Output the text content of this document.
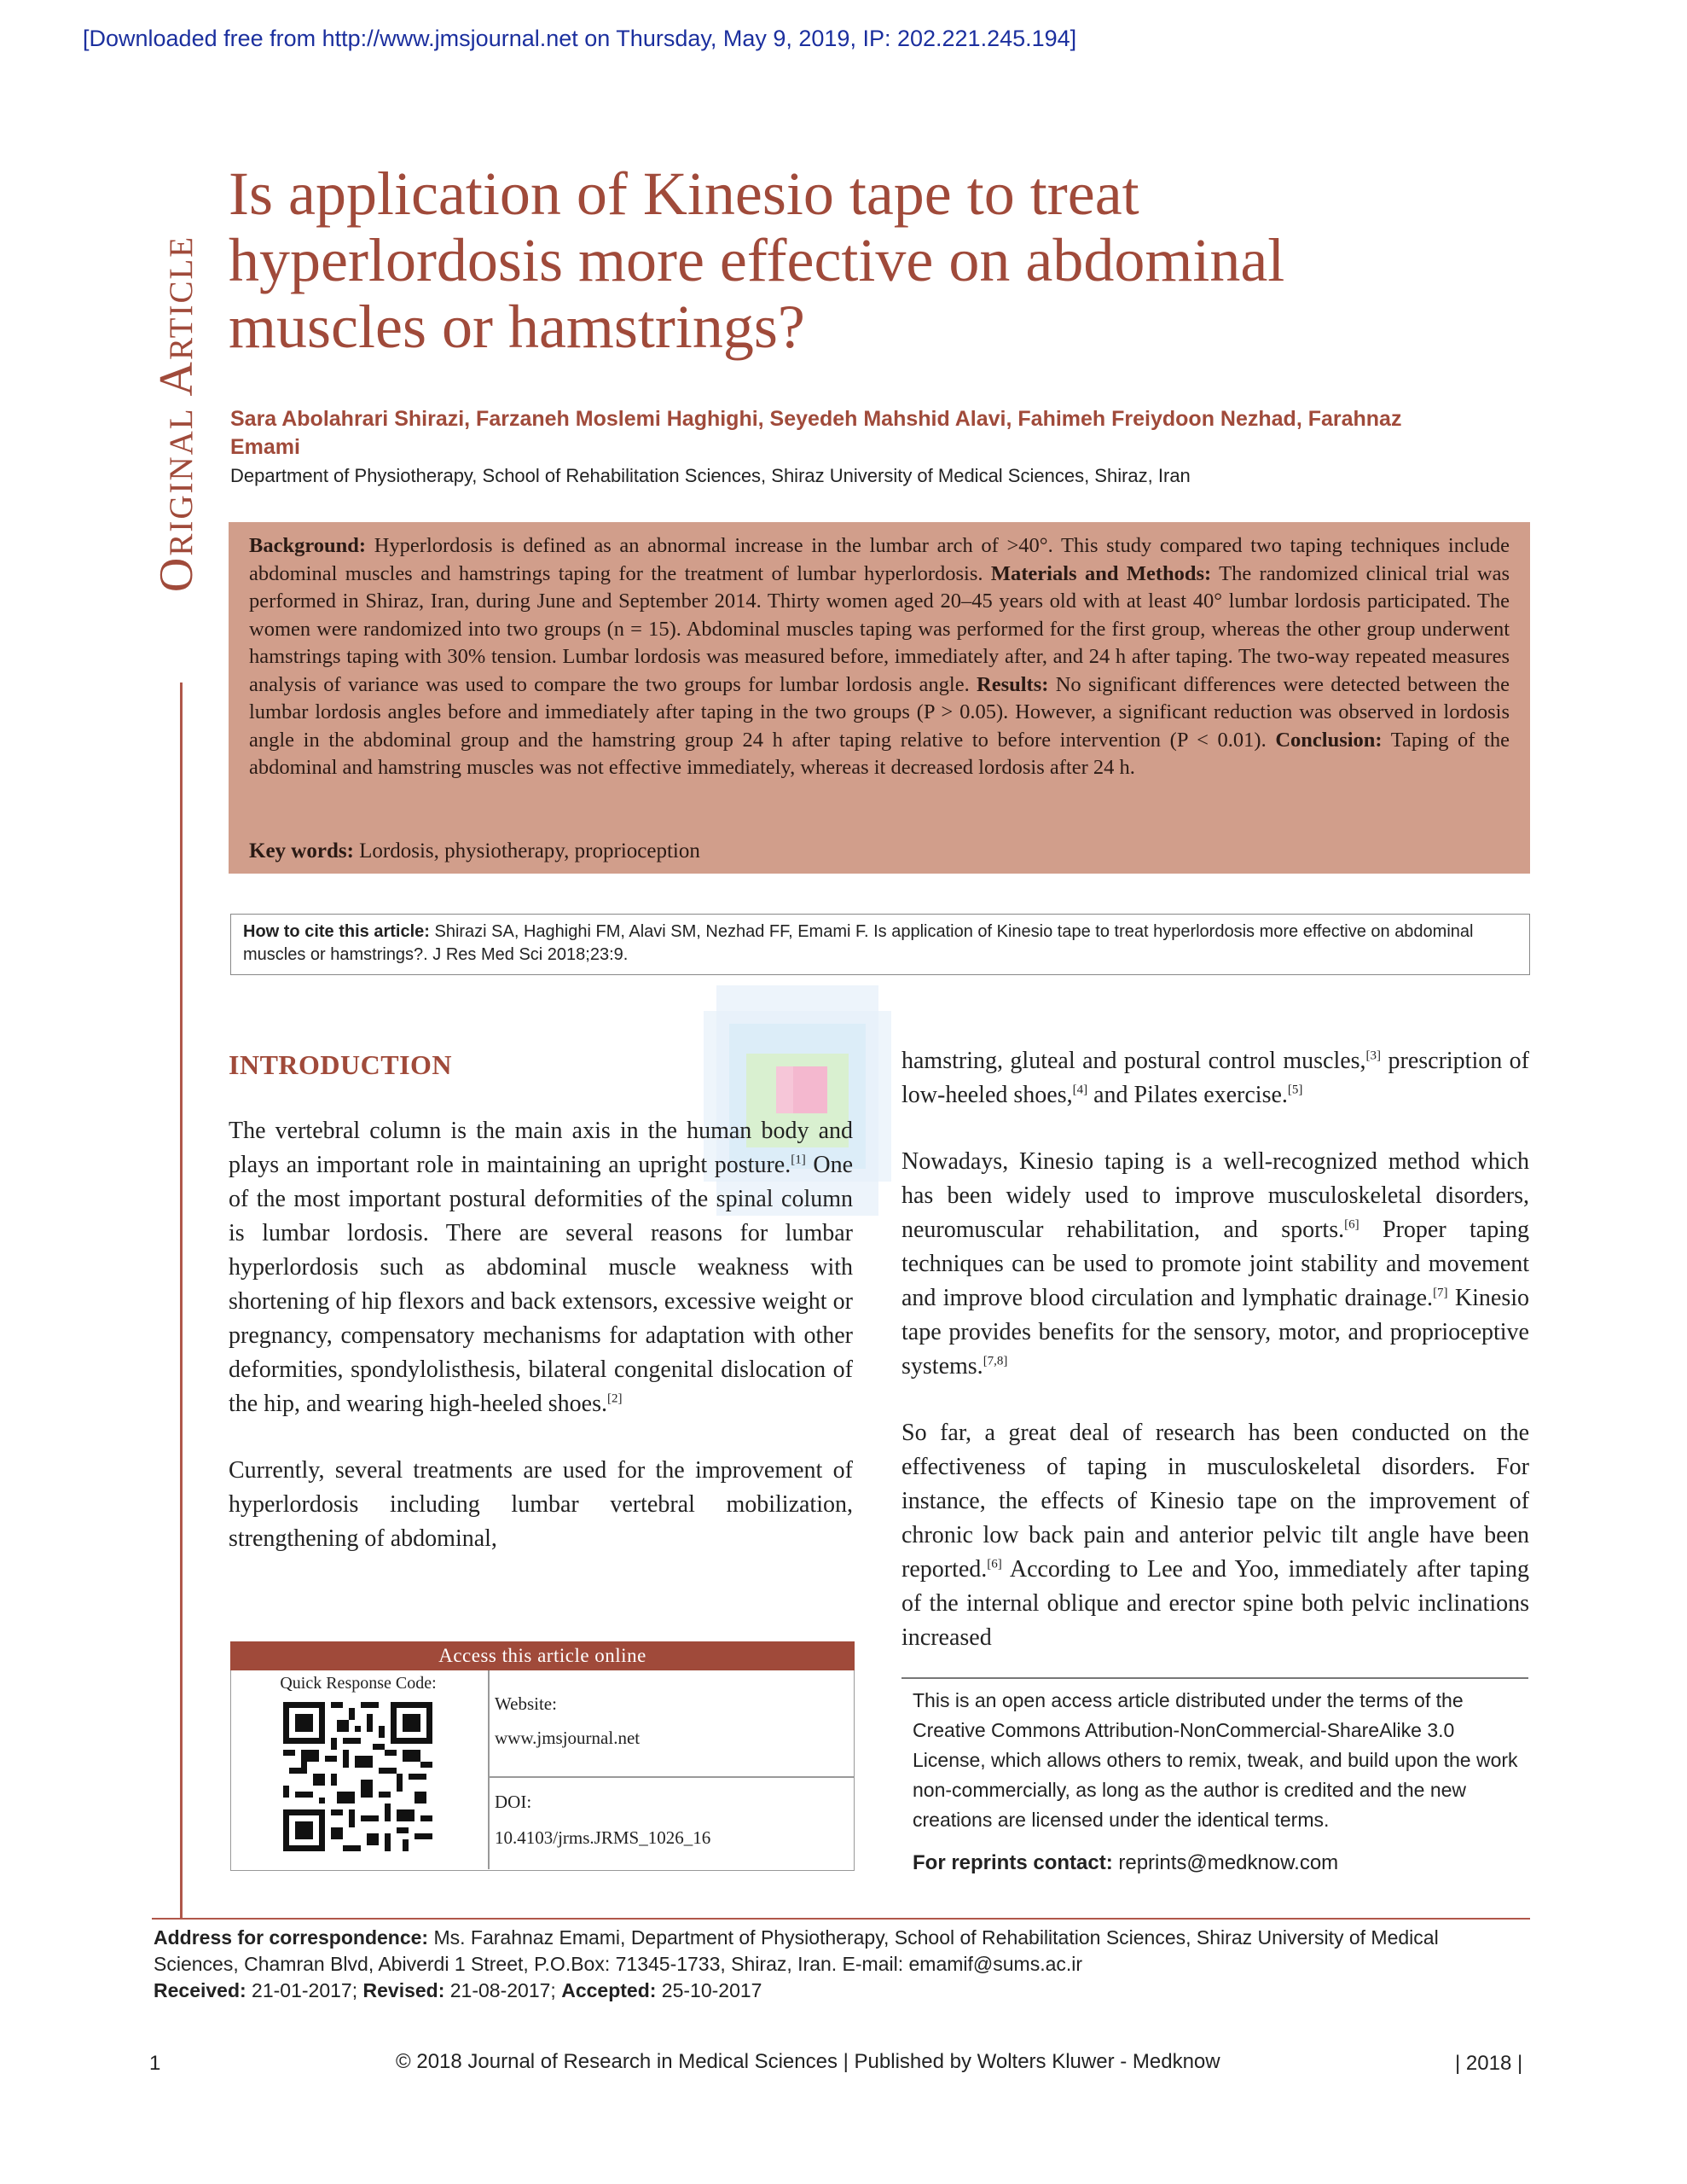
[Downloaded free from http://www.jmsjournal.net on Thursday, May 9, 2019, IP: 202.221.245.194]
Original Article
Is application of Kinesio tape to treat hyperlordosis more effective on abdominal muscles or hamstrings?
Sara Abolahrari Shirazi, Farzaneh Moslemi Haghighi, Seyedeh Mahshid Alavi, Fahimeh Freiydoon Nezhad, Farahnaz Emami
Department of Physiotherapy, School of Rehabilitation Sciences, Shiraz University of Medical Sciences, Shiraz, Iran
Background: Hyperlordosis is defined as an abnormal increase in the lumbar arch of >40°. This study compared two taping techniques include abdominal muscles and hamstrings taping for the treatment of lumbar hyperlordosis. Materials and Methods: The randomized clinical trial was performed in Shiraz, Iran, during June and September 2014. Thirty women aged 20–45 years old with at least 40° lumbar lordosis participated. The women were randomized into two groups (n = 15). Abdominal muscles taping was performed for the first group, whereas the other group underwent hamstrings taping with 30% tension. Lumbar lordosis was measured before, immediately after, and 24 h after taping. The two-way repeated measures analysis of variance was used to compare the two groups for lumbar lordosis angle. Results: No significant differences were detected between the lumbar lordosis angles before and immediately after taping in the two groups (P > 0.05). However, a significant reduction was observed in lordosis angle in the abdominal group and the hamstring group 24 h after taping relative to before intervention (P < 0.01). Conclusion: Taping of the abdominal and hamstring muscles was not effective immediately, whereas it decreased lordosis after 24 h.
Key words: Lordosis, physiotherapy, proprioception
How to cite this article: Shirazi SA, Haghighi FM, Alavi SM, Nezhad FF, Emami F. Is application of Kinesio tape to treat hyperlordosis more effective on abdominal muscles or hamstrings?. J Res Med Sci 2018;23:9.
INTRODUCTION

The vertebral column is the main axis in the human body and plays an important role in maintaining an upright posture.[1] One of the most important postural deformities of the spinal column is lumbar lordosis. There are several reasons for lumbar hyperlordosis such as abdominal muscle weakness with shortening of hip flexors and back extensors, excessive weight or pregnancy, compensatory mechanisms for adaptation with other deformities, spondylolisthesis, bilateral congenital dislocation of the hip, and wearing high-heeled shoes.[2]

Currently, several treatments are used for the improvement of hyperlordosis including lumbar vertebral mobilization, strengthening of abdominal,

hamstring, gluteal and postural control muscles,[3] prescription of low-heeled shoes,[4] and Pilates exercise.[5]

Nowadays, Kinesio taping is a well-recognized method which has been widely used to improve musculoskeletal disorders, neuromuscular rehabilitation, and sports.[6] Proper taping techniques can be used to promote joint stability and movement and improve blood circulation and lymphatic drainage.[7] Kinesio tape provides benefits for the sensory, motor, and proprioceptive systems.[7,8]

So far, a great deal of research has been conducted on the effectiveness of taping in musculoskeletal disorders. For instance, the effects of Kinesio tape on the improvement of chronic low back pain and anterior pelvic tilt angle have been reported.[6] According to Lee and Yoo, immediately after taping of the internal oblique and erector spine both pelvic inclinations increased

Access this article online
Quick Response Code:
Website:
www.jmsjournal.net
DOI:
10.4103/jrms.JRMS_1026_16
This is an open access article distributed under the terms of the Creative Commons Attribution-NonCommercial-ShareAlike 3.0 License, which allows others to remix, tweak, and build upon the work non-commercially, as long as the author is credited and the new creations are licensed under the identical terms.
For reprints contact: reprints@medknow.com
Address for correspondence: Ms. Farahnaz Emami, Department of Physiotherapy, School of Rehabilitation Sciences, Shiraz University of Medical Sciences, Chamran Blvd, Abiverdi 1 Street, P.O.Box: 71345-1733, Shiraz, Iran. E-mail: emamif@sums.ac.ir
Received: 21-01-2017; Revised: 21-08-2017; Accepted: 25-10-2017
1	© 2018 Journal of Research in Medical Sciences | Published by Wolters Kluwer - Medknow	| 2018 |
